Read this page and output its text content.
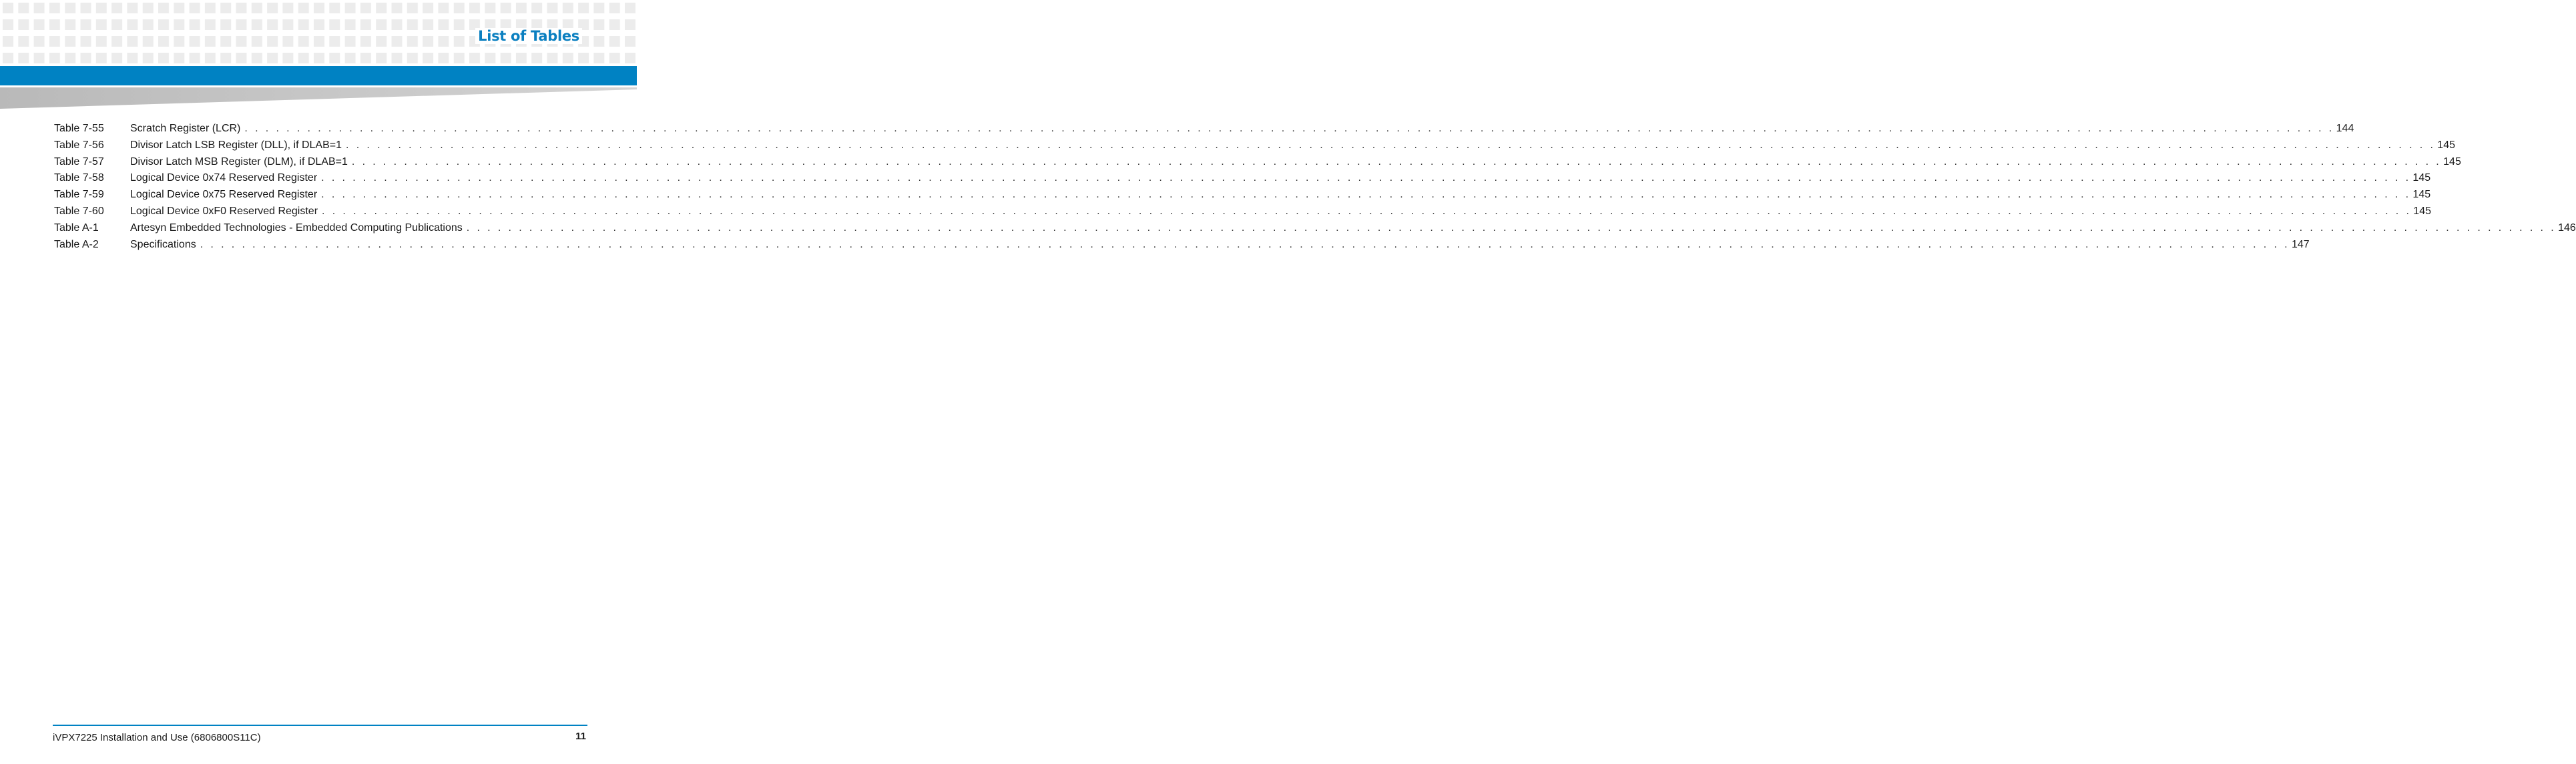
List of Tables
Table 7-55	Scratch Register (LCR) . . . . . . . . . . . . . . . . . . . . . . . . . . . . . . . . . . . . . . . . . . . . . . . . . . . . . . . . . . . . . . . . . . . . . . . . . . . . . . . . . . . . . . . . . . . . . . . . . . . . . . . . . . . . . . . . . . . . . . . . . . . . . . . . . . . . . . . . . . . . . . . . . . . . . . . . . . . . . . . . . . . . . . . . . . . . . . . . . . . . . . . . . . . . . . . . . . . . . . . . 144
Table 7-56	Divisor Latch LSB Register (DLL), if DLAB=1 . . . . . . . . . . . . . . . . . . . . . . . . . . . . . . . . . . . . . . . . . . . . . . . . . . . . . . . . . . . . . . . . . . . . . . . . . . . . . . . . . . . . . . . . . . . . . . . . . . . . . . . . . . . . . . . . . . . . . . . . . . . . . . . . . . . . . . . . . . . . . . . . . . . . . . . . . . . . . . . . . . . . . . . . . . . . . . . . . . . . . . . . . . . . . . . . . . . . . . . . 145
Table 7-57	Divisor Latch MSB Register (DLM), if DLAB=1 . . . . . . . . . . . . . . . . . . . . . . . . . . . . . . . . . . . . . . . . . . . . . . . . . . . . . . . . . . . . . . . . . . . . . . . . . . . . . . . . . . . . . . . . . . . . . . . . . . . . . . . . . . . . . . . . . . . . . . . . . . . . . . . . . . . . . . . . . . . . . . . . . . . . . . . . . . . . . . . . . . . . . . . . . . . . . . . . . . . . . . . . . . . . . . . . . . . . . . . . 145
Table 7-58	Logical Device 0x74 Reserved Register . . . . . . . . . . . . . . . . . . . . . . . . . . . . . . . . . . . . . . . . . . . . . . . . . . . . . . . . . . . . . . . . . . . . . . . . . . . . . . . . . . . . . . . . . . . . . . . . . . . . . . . . . . . . . . . . . . . . . . . . . . . . . . . . . . . . . . . . . . . . . . . . . . . . . . . . . . . . . . . . . . . . . . . . . . . . . . . . . . . . . . . . . . . . . . . . . . . . . . . . 145
Table 7-59	Logical Device 0x75 Reserved Register . . . . . . . . . . . . . . . . . . . . . . . . . . . . . . . . . . . . . . . . . . . . . . . . . . . . . . . . . . . . . . . . . . . . . . . . . . . . . . . . . . . . . . . . . . . . . . . . . . . . . . . . . . . . . . . . . . . . . . . . . . . . . . . . . . . . . . . . . . . . . . . . . . . . . . . . . . . . . . . . . . . . . . . . . . . . . . . . . . . . . . . . . . . . . . . . . . . . . . . . 145
Table 7-60	Logical Device 0xF0 Reserved Register . . . . . . . . . . . . . . . . . . . . . . . . . . . . . . . . . . . . . . . . . . . . . . . . . . . . . . . . . . . . . . . . . . . . . . . . . . . . . . . . . . . . . . . . . . . . . . . . . . . . . . . . . . . . . . . . . . . . . . . . . . . . . . . . . . . . . . . . . . . . . . . . . . . . . . . . . . . . . . . . . . . . . . . . . . . . . . . . . . . . . . . . . . . . . . . . . . . . . . . . 145
Table A-1	Artesyn Embedded Technologies - Embedded Computing Publications . . . . . . . . . . . . . . . . . . . . . . . . . . . . . . . . . . . . . . . . . . . . . . . . . . . . . . . . . . . . . . . . . . . . . . . . . . . . . . . . . . . . . . . . . . . . . . . . . . . . . . . . . . . . . . . . . . . . . . . . . . . . . . . . . . . . . . . . . . . . . . . . . . . . . . . . . . . . . . . . . . . . . . . . . . . . . . . . . . . . . . . . . . . . . . . . . . . . . . . . 146
Table A-2	Specifications . . . . . . . . . . . . . . . . . . . . . . . . . . . . . . . . . . . . . . . . . . . . . . . . . . . . . . . . . . . . . . . . . . . . . . . . . . . . . . . . . . . . . . . . . . . . . . . . . . . . . . . . . . . . . . . . . . . . . . . . . . . . . . . . . . . . . . . . . . . . . . . . . . . . . . . . . . . . . . . . . . . . . . . . . . . . . . . . . . . . . . . . . . . . . . . . . . . . . . . . 147
iVPX7225 Installation and Use (6806800S11C)	11
